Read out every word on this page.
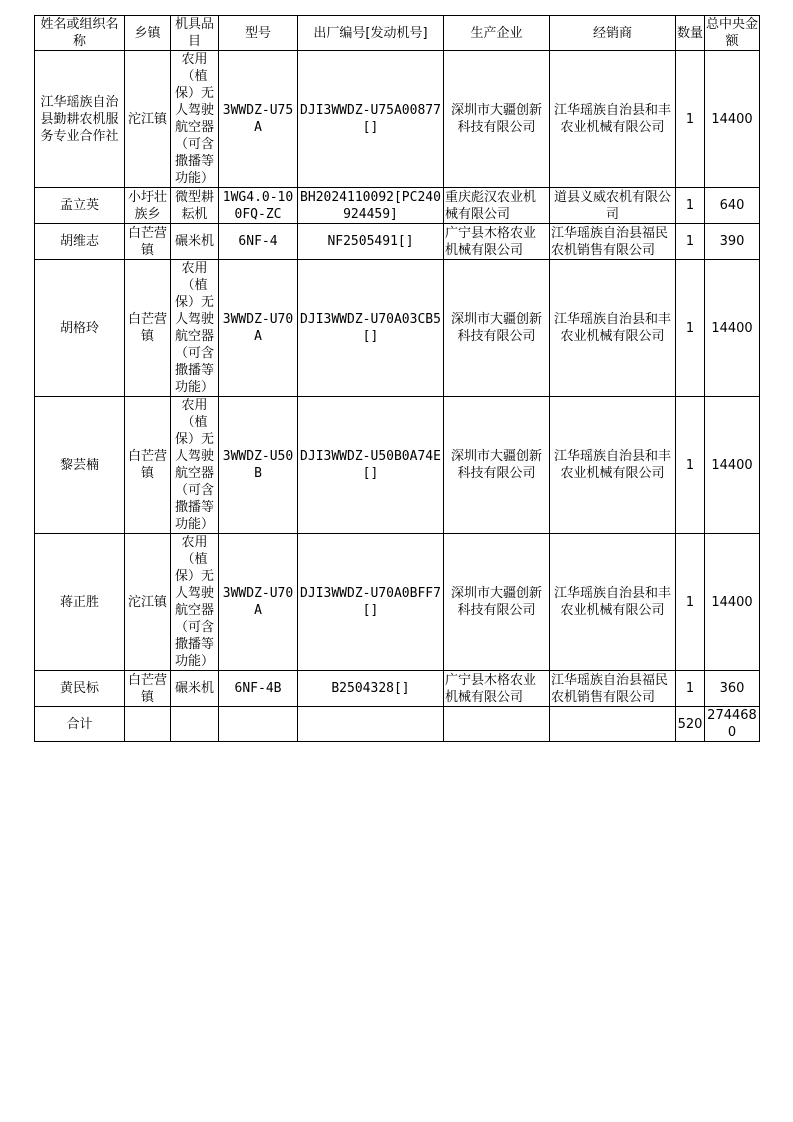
姓名或组织名称	乡镇	机具品目	型号	出厂编号[发动机号]	生产企业	经销商	数量	总中央金额

江华瑶族自治县勤耕农机服务专业合作社	沱江镇	农用（植保）无人驾驶航空器（可含撒播等功能）	3WWDZ-U75A	DJI3WWDZ-U75A00877[]	深圳市大疆创新科技有限公司	江华瑶族自治县和丰农业机械有限公司	1	14400

孟立英	小圩壮族乡	微型耕耘机	1WG4.0-100FQ-ZC	BH2024110092[PC240924459]	重庆彪汉农业机械有限公司	道县义威农机有限公司	1	640

胡维志	白芒营镇	碾米机	6NF-4	NF2505491[]	广宁县木格农业机械有限公司	江华瑶族自治县福民农机销售有限公司	1	390

胡格玲	白芒营镇	农用（植保）无人驾驶航空器（可含撒播等功能）	3WWDZ-U70A	DJI3WWDZ-U70A03CB5[]	深圳市大疆创新科技有限公司	江华瑶族自治县和丰农业机械有限公司	1	14400

黎芸楠	白芒营镇	农用（植保）无人驾驶航空器（可含撒播等功能）	3WWDZ-U50B	DJI3WWDZ-U50B0A74E[]	深圳市大疆创新科技有限公司	江华瑶族自治县和丰农业机械有限公司	1	14400

蒋正胜	沱江镇	农用（植保）无人驾驶航空器（可含撒播等功能）	3WWDZ-U70A	DJI3WWDZ-U70A0BFF7[]	深圳市大疆创新科技有限公司	江华瑶族自治县和丰农业机械有限公司	1	14400

黄民标	白芒营镇	碾米机	6NF-4B	B2504328[]	广宁县木格农业机械有限公司	江华瑶族自治县福民农机销售有限公司	1	360
合计							520	2744680
